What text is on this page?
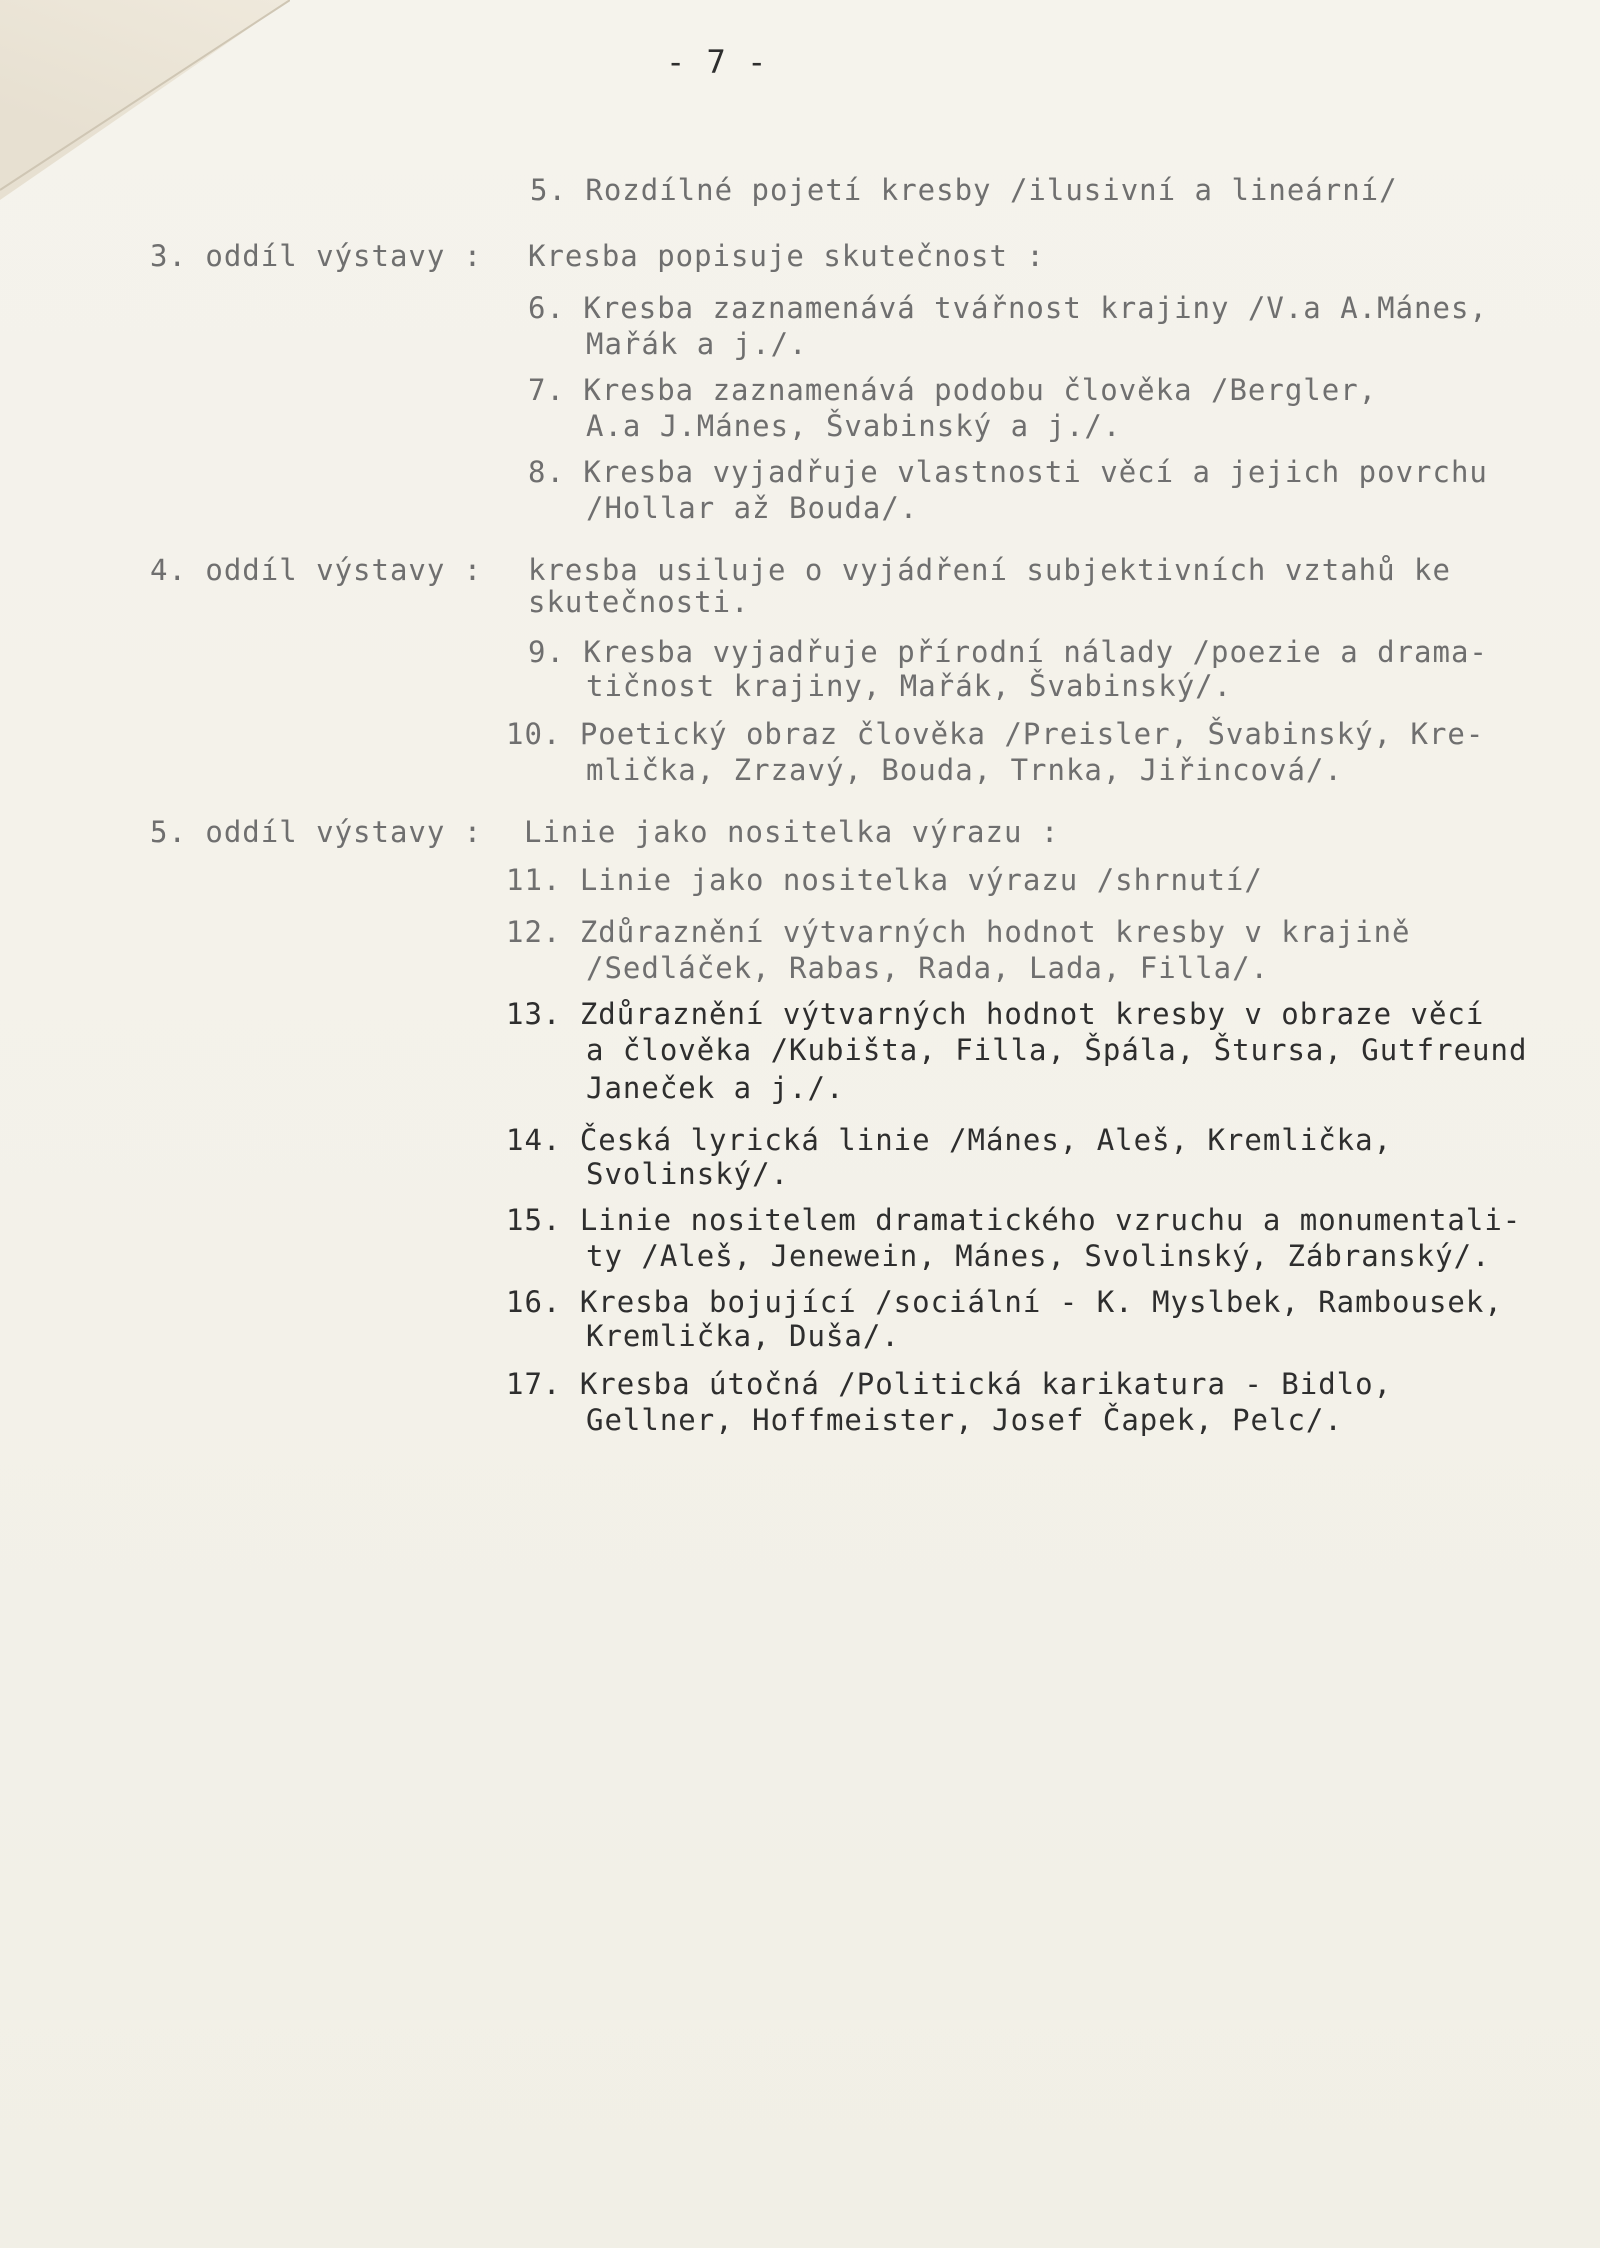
- 7 -
5. Rozdílné pojetí kresby /ilusivní a lineární/
3. oddíl výstavy : Kresba popisuje skutečnost :
6. Kresba zaznamenává tvářnost krajiny /V.a A.Mánes,
Mařák a j./.
7. Kresba zaznamenává podobu člověka /Bergler,
A.a J.Mánes, Švabinský a j./.
8. Kresba vyjadřuje vlastnosti věcí a jejich povrchu
/Hollar až Bouda/.
4. oddíl výstavy : kresba usiluje o vyjádření subjektivních vztahů ke
skutečnosti.
9. Kresba vyjadřuje přírodní nálady /poezie a drama-
tičnost krajiny, Mařák, Švabinský/.
10. Poetický obraz člověka /Preisler, Švabinský, Kre-
mlička, Zrzavý, Bouda, Trnka, Jiřincová/.
5. oddíl výstavy : Linie jako nositelka výrazu :
11. Linie jako nositelka výrazu /shrnutí/
12. Zdůraznění výtvarných hodnot kresby v krajině
/Sedláček, Rabas, Rada, Lada, Filla/.
13. Zdůraznění výtvarných hodnot kresby v obraze věcí
a člověka /Kubišta, Filla, Špála, Štursa, Gutfreund
Janeček a j./.
14. Česká lyrická linie /Mánes, Aleš, Kremlička,
Svolinský/.
15. Linie nositelem dramatického vzruchu a monumentali-
ty /Aleš, Jenewein, Mánes, Svolinský, Zábranský/.
16. Kresba bojující /sociální - K. Myslbek, Rambousek,
Kremlička, Duša/.
17. Kresba útočná /Politická karikatura - Bidlo,
Gellner, Hoffmeister, Josef Čapek, Pelc/.
